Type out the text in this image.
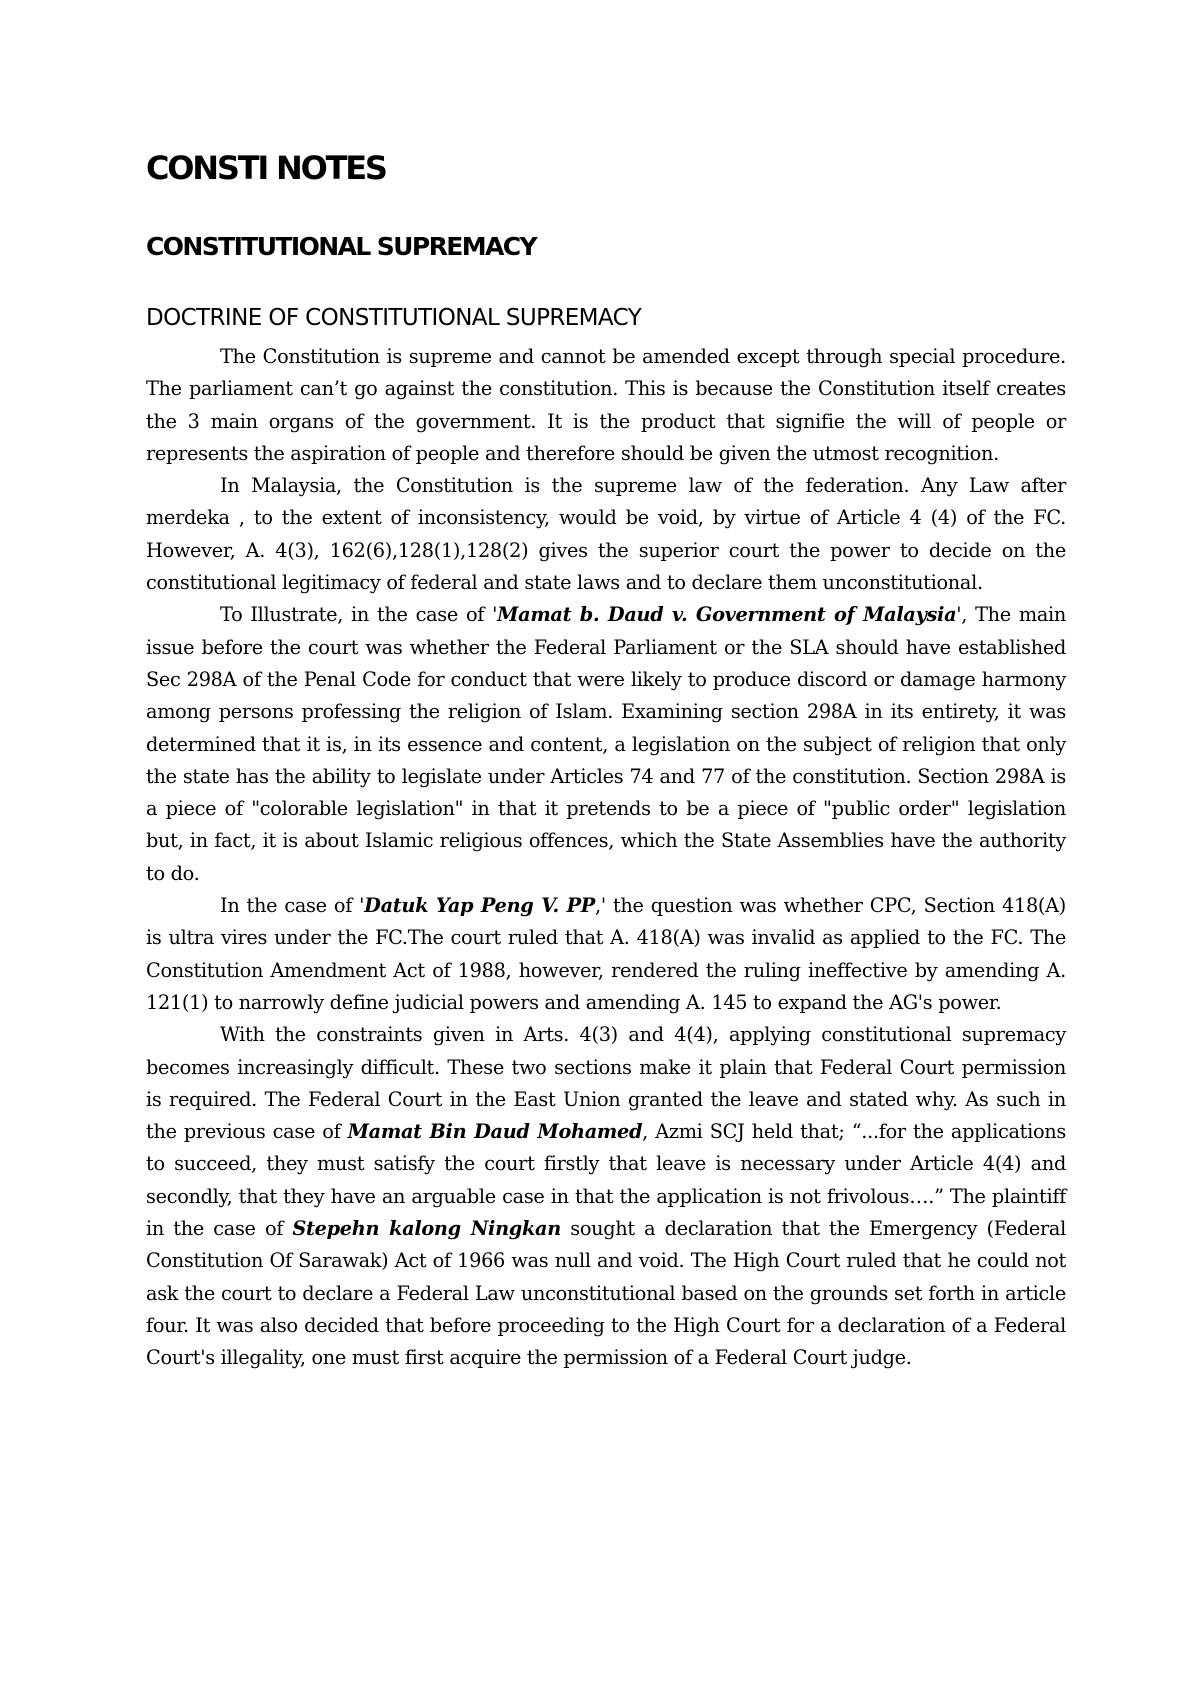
CONSTI NOTES
CONSTITUTIONAL SUPREMACY
DOCTRINE OF CONSTITUTIONAL SUPREMACY

The Constitution is supreme and cannot be amended except through special procedure. The parliament can’t go against the constitution. This is because the Constitution itself creates the 3 main organs of the government. It is the product that signifie the will of people or represents the aspiration of people and therefore should be given the utmost recognition.

In Malaysia, the Constitution is the supreme law of the federation. Any Law after merdeka , to the extent of inconsistency, would be void, by virtue of Article 4 (4) of the FC. However, A. 4(3), 162(6),128(1),128(2) gives the superior court the power to decide on the constitutional legitimacy of federal and state laws and to declare them unconstitutional.

To Illustrate, in the case of 'Mamat b. Daud v. Government of Malaysia', The main issue before the court was whether the Federal Parliament or the SLA should have established Sec 298A of the Penal Code for conduct that were likely to produce discord or damage harmony among persons professing the religion of Islam. Examining section 298A in its entirety, it was determined that it is, in its essence and content, a legislation on the subject of religion that only the state has the ability to legislate under Articles 74 and 77 of the constitution. Section 298A is a piece of "colorable legislation" in that it pretends to be a piece of "public order" legislation but, in fact, it is about Islamic religious offences, which the State Assemblies have the authority to do.

In the case of 'Datuk Yap Peng V. PP,' the question was whether CPC, Section 418(A) is ultra vires under the FC.The court ruled that A. 418(A) was invalid as applied to the FC. The Constitution Amendment Act of 1988, however, rendered the ruling ineffective by amending A. 121(1) to narrowly define judicial powers and amending A. 145 to expand the AG's power.

With the constraints given in Arts. 4(3) and 4(4), applying constitutional supremacy becomes increasingly difficult. These two sections make it plain that Federal Court permission is required. The Federal Court in the East Union granted the leave and stated why. As such in the previous case of Mamat Bin Daud Mohamed, Azmi SCJ held that; “...for the applications to succeed, they must satisfy the court firstly that leave is necessary under Article 4(4) and secondly, that they have an arguable case in that the application is not frivolous….” The plaintiff in the case of Stepehn kalong Ningkan sought a declaration that the Emergency (Federal Constitution Of Sarawak) Act of 1966 was null and void. The High Court ruled that he could not ask the court to declare a Federal Law unconstitutional based on the grounds set forth in article four. It was also decided that before proceeding to the High Court for a declaration of a Federal Court's illegality, one must first acquire the permission of a Federal Court judge.
